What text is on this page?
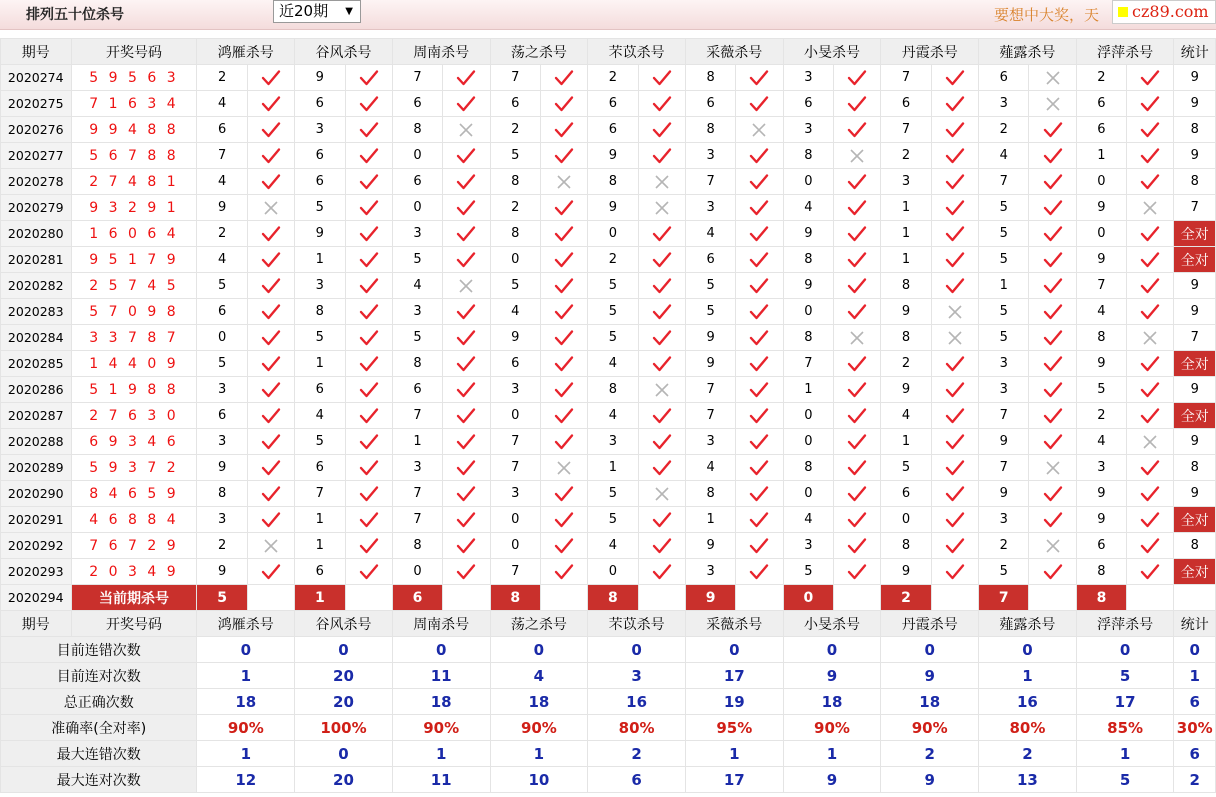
排列五十位杀号	近20期 ▼	要想中大奖，天	cz89.com
期号	开奖号码	鸿雁杀号		谷风杀号		周南杀号		荡之杀号		芣苡杀号		采薇杀号		小旻杀号		丹霞杀号		薤露杀号		浮萍杀号		统计
2020274	5 9 5 6 3	2		9		7		7		2		8		3		7		6		2		9
2020275	7 1 6 3 4	4		6		6		6		6		6		6		6		3		6		9
2020276	9 9 4 8 8	6		3		8		2		6		8		3		7		2		6		8
2020277	5 6 7 8 8	7		6		0		5		9		3		8		2		4		1		9
2020278	2 7 4 8 1	4		6		6		8		8		7		0		3		7		0		8
2020279	9 3 2 9 1	9		5		0		2		9		3		4		1		5		9		7
2020280	1 6 0 6 4	2		9		3		8		0		4		9		1		5		0		全对
2020281	9 5 1 7 9	4		1		5		0		2		6		8		1		5		9		全对
2020282	2 5 7 4 5	5		3		4		5		5		5		9		8		1		7		9
2020283	5 7 0 9 8	6		8		3		4		5		5		0		9		5		4		9
2020284	3 3 7 8 7	0		5		5		9		5		9		8		8		5		8		7
2020285	1 4 4 0 9	5		1		8		6		4		9		7		2		3		9		全对
2020286	5 1 9 8 8	3		6		6		3		8		7		1		9		3		5		9
2020287	2 7 6 3 0	6		4		7		0		4		7		0		4		7		2		全对
2020288	6 9 3 4 6	3		5		1		7		3		3		0		1		9		4		9
2020289	5 9 3 7 2	9		6		3		7		1		4		8		5		7		3		8
2020290	8 4 6 5 9	8		7		7		3		5		8		0		6		9		9		9
2020291	4 6 8 8 4	3		1		7		0		5		1		4		0		3		9		全对
2020292	7 6 7 2 9	2		1		8		0		4		9		3		8		2		6		8
2020293	2 0 3 4 9	9		6		0		7		0		3		5		9		5		8		全对
2020294	当前期杀号	5		1		6		8		8		9		0		2		7		8		
期号	开奖号码	鸿雁杀号		谷风杀号		周南杀号		荡之杀号		芣苡杀号		采薇杀号		小旻杀号		丹霞杀号		薤露杀号		浮萍杀号		统计
目前连错次数		0		0		0		0		0		0		0		0		0		0		0
目前连对次数		1		20		11		4		3		17		9		9		1		5		1
总正确次数		18		20		18		18		16		19		18		18		16		17		6
准确率(全对率)		90%		100%		90%		90%		80%		95%		90%		90%		80%		85%		30%
最大连错次数		1		0		1		1		2		1		1		2		2		1		6
最大连对次数		12		20		11		10		6		17		9		9		13		5		2
